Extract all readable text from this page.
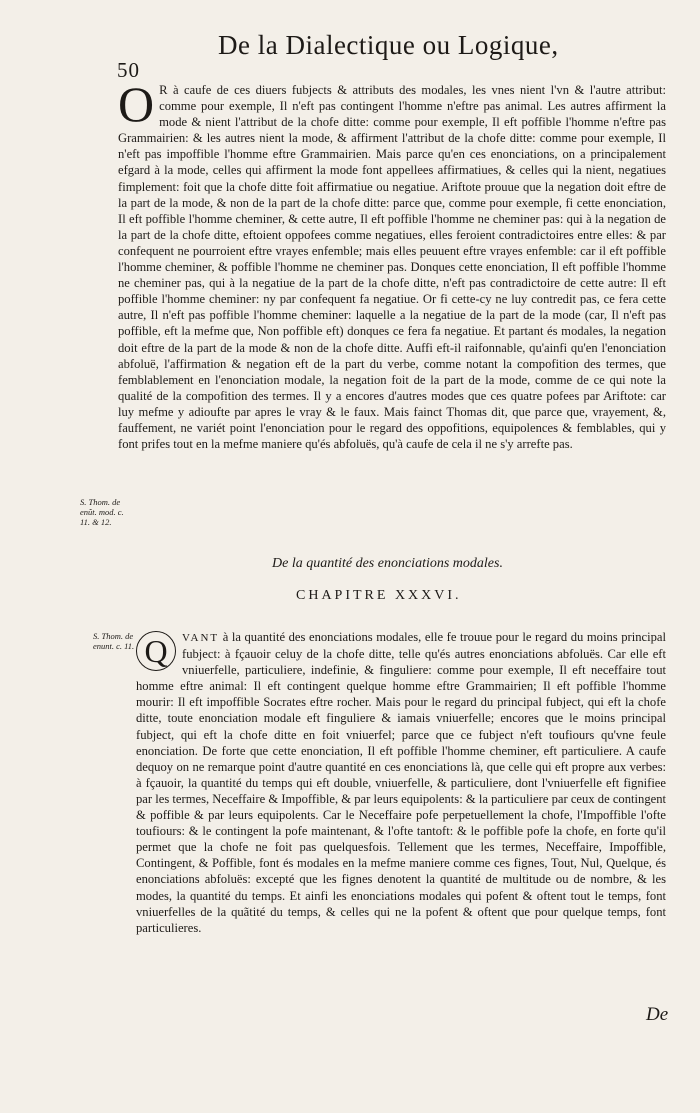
50
De la Dialectique ou Logique,
O R à caufe de ces diuers fubjects & attributs des modales, les vnes nient l'vn & l'autre attribut: comme pour exemple, Il n'eft pas contingent l'homme n'eftre pas animal. Les autres affirment la mode & nient l'attribut de la chofe ditte: comme pour exemple, Il eft poffible l'homme n'eftre pas Grammairien: & les autres nient la mode, & affirment l'attribut de la chofe ditte: comme pour exemple, Il n'eft pas impoffible l'homme eftre Grammairien. Mais parce qu'en ces enonciations, on a principalement efgard à la mode, celles qui affirment la mode font appellees affirmatiues, & celles qui la nient, negatiues fimplement: foit que la chofe ditte foit affirmatiue ou negatiue. Ariftote prouue que la negation doit eftre de la part de la mode, & non de la part de la chofe ditte: parce que, comme pour exemple, fi cette enonciation, Il eft poffible l'homme cheminer, & cette autre, Il eft poffible l'homme ne cheminer pas: qui à la negation de la part de la chofe ditte, eftoient oppofees comme negatiues, elles feroient contradictoires entre elles: & par confequent ne pourroient eftre vrayes enfemble; mais elles peuuent eftre vrayes enfemble: car il eft poffible l'homme cheminer, & poffible l'homme ne cheminer pas. Donques cette enonciation, Il eft poffible l'homme ne cheminer pas, qui à la negatiue de la part de la chofe ditte, n'eft pas contradictoire de cette autre: Il eft poffible l'homme cheminer: ny par confequent fa negatiue. Or fi cette-cy ne luy contredit pas, ce fera cette autre, Il n'eft pas poffible l'homme cheminer: laquelle a la negatiue de la part de la mode (car, Il n'eft pas poffible, eft la mefme que, Non poffible eft) donques ce fera fa negatiue. Et partant és modales, la negation doit eftre de la part de la mode & non de la chofe ditte. Auffi eft-il raifonnable, qu'ainfi qu'en l'enonciation abfoluë, l'affirmation & negation eft de la part du verbe, comme notant la compofition des termes, que femblablement en l'enonciation modale, la negation foit de la part de la mode, comme de ce qui note la qualité de la compofition des termes. Il y a encores d'autres modes que ces quatre pofees par Ariftote: car luy mefme y adioufte par apres le vray & le faux. Mais fainct Thomas dit, que parce que, vrayement, &, fauffement, ne variét point l'enonciation pour le regard des oppofitions, equipolences & femblables, qui y font prifes tout en la mefme maniere qu'és abfoluës, qu'à caufe de cela il ne s'y arrefte pas.
S. Thom. de enũt. mod. c. 11. & 12.
De la quantité des enonciations modales.
CHAPITRE XXXVI.
S. Thom. de enunt. c. 11. Q	VANT à la quantité des enonciations modales, elle fe trouue pour le regard du moins principal fubject: à fçauoir celuy de la chofe ditte, telle qu'és autres enonciations abfoluës. Car elle eft vniuerfelle, particuliere, indefinie, & finguliere: comme pour exemple, Il eft neceffaire tout homme eftre animal: Il eft contingent quelque homme eftre Grammairien; Il eft poffible l'homme mourir: Il eft impoffible Socrates eftre rocher. Mais pour le regard du principal fubject, qui eft la chofe ditte, toute enonciation modale eft finguliere & iamais vniuerfelle; encores que le moins principal fubject, qui eft la chofe ditte en foit vniuerfel; parce que ce fubject n'eft toufiours qu'vne feule enonciation. De forte que cette enonciation, Il eft poffible l'homme cheminer, eft particuliere. A caufe dequoy on ne remarque point d'autre quantité en ces enonciations là, que celle qui eft propre aux verbes: à fçauoir, la quantité du temps qui eft double, vniuerfelle, & particuliere, dont l'vniuerfelle eft fignifiee par les termes, Neceffaire & Impoffible, & par leurs equipolents: & la particuliere par ceux de contingent & poffible & par leurs equipolents. Car le Neceffaire pofe perpetuellement la chofe, l'Impoffible l'ofte toufiours: & le contingent la pofe maintenant, & l'ofte tantoft: & le poffible pofe la chofe, en forte qu'il permet que la chofe ne foit pas quelquesfois. Tellement que les termes, Neceffaire, Impoffible, Contingent, & Poffible, font és modales en la mefme maniere comme ces fignes, Tout, Nul, Quelque, és enonciations abfoluës: excepté que les fignes denotent la quantité de multitude ou de nombre, & les modes, la quantité du temps. Et ainfi les enonciations modales qui pofent & oftent tout le temps, font vniuerfelles de la quãtité du temps, & celles qui ne la pofent & oftent que pour quelque temps, font particulieres.
De
